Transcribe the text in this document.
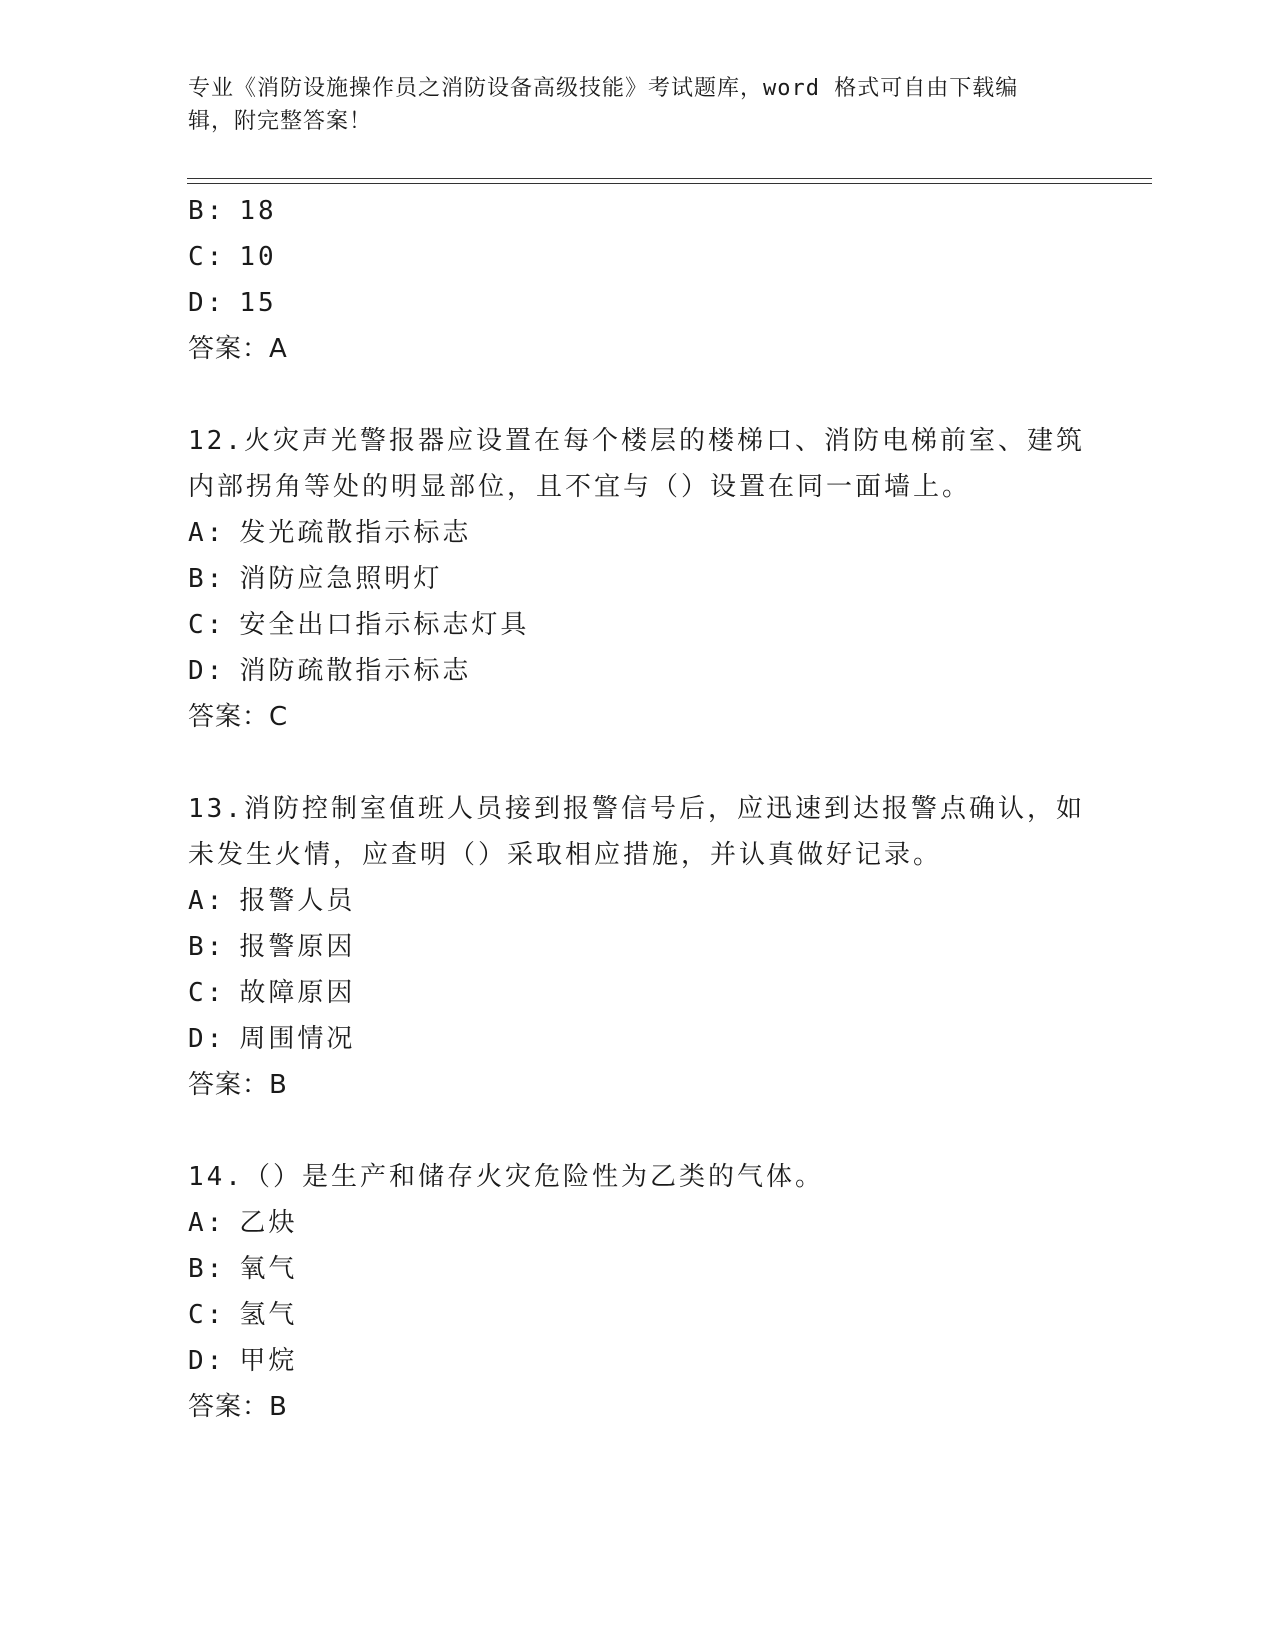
专业《消防设施操作员之消防设备高级技能》考试题库，word 格式可自由下载编
辑，附完整答案！
B: 18
C: 10
D: 15
答案：A
12.火灾声光警报器应设置在每个楼层的楼梯口、消防电梯前室、建筑
内部拐角等处的明显部位，且不宜与（）设置在同一面墙上。
A: 发光疏散指示标志
B: 消防应急照明灯
C: 安全出口指示标志灯具
D: 消防疏散指示标志
答案：C
13.消防控制室值班人员接到报警信号后，应迅速到达报警点确认，如
未发生火情，应查明（）采取相应措施，并认真做好记录。
A: 报警人员
B: 报警原因
C: 故障原因
D: 周围情况
答案：B
14.（）是生产和储存火灾危险性为乙类的气体。
A: 乙炔
B: 氧气
C: 氢气
D: 甲烷
答案：B
